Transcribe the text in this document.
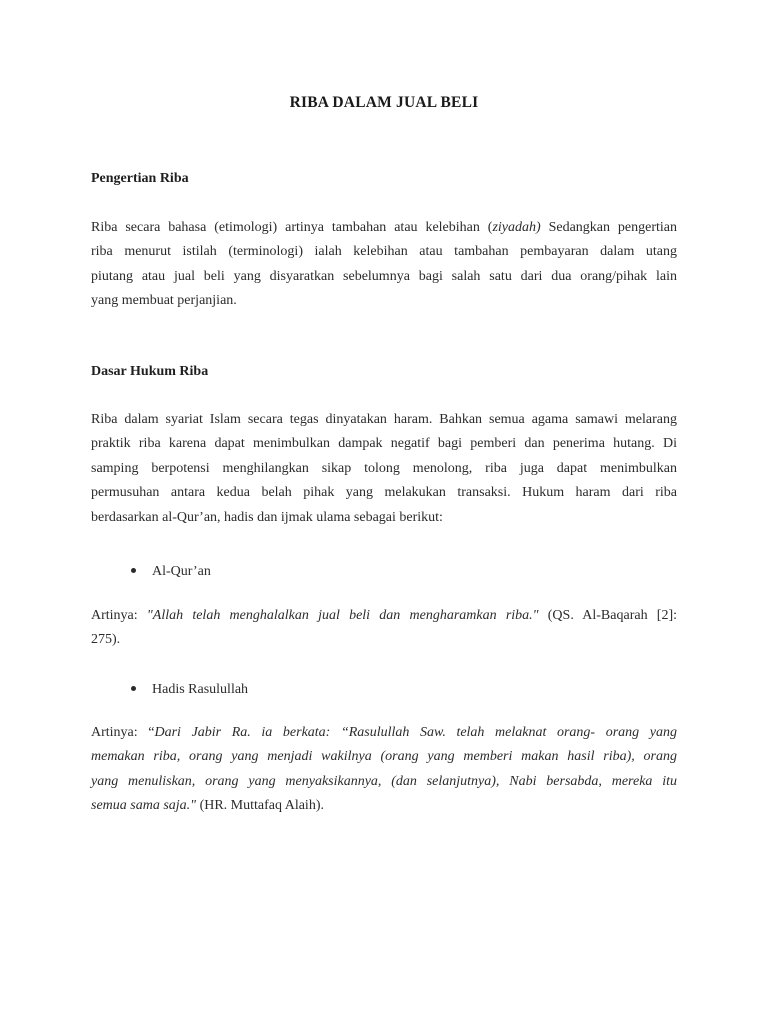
RIBA DALAM JUAL BELI
Pengertian Riba
Riba secara bahasa (etimologi) artinya tambahan atau kelebihan (ziyadah) Sedangkan pengertian
riba menurut istilah (terminologi) ialah kelebihan atau tambahan pembayaran dalam utang
piutang atau jual beli yang disyaratkan sebelumnya bagi salah satu dari dua orang/pihak lain
yang membuat perjanjian.
Dasar Hukum Riba
Riba dalam syariat Islam secara tegas dinyatakan haram. Bahkan semua agama samawi melarang
praktik riba karena dapat menimbulkan dampak negatif bagi pemberi dan penerima hutang. Di
samping berpotensi menghilangkan sikap tolong menolong, riba juga dapat menimbulkan
permusuhan antara kedua belah pihak yang melakukan transaksi. Hukum haram dari riba
berdasarkan al-Qur’an, hadis dan ijmak ulama sebagai berikut:
Al-Qur’an
Artinya: "Allah telah menghalalkan jual beli dan mengharamkan riba." (QS. Al-Baqarah [2]:
275).
Hadis Rasulullah
Artinya: “Dari Jabir Ra. ia berkata: “Rasulullah Saw. telah melaknat orang- orang yang
memakan riba, orang yang menjadi wakilnya (orang yang memberi makan hasil riba), orang
yang menuliskan, orang yang menyaksikannya, (dan selanjutnya), Nabi bersabda, mereka itu
semua sama saja." (HR. Muttafaq Alaih).
